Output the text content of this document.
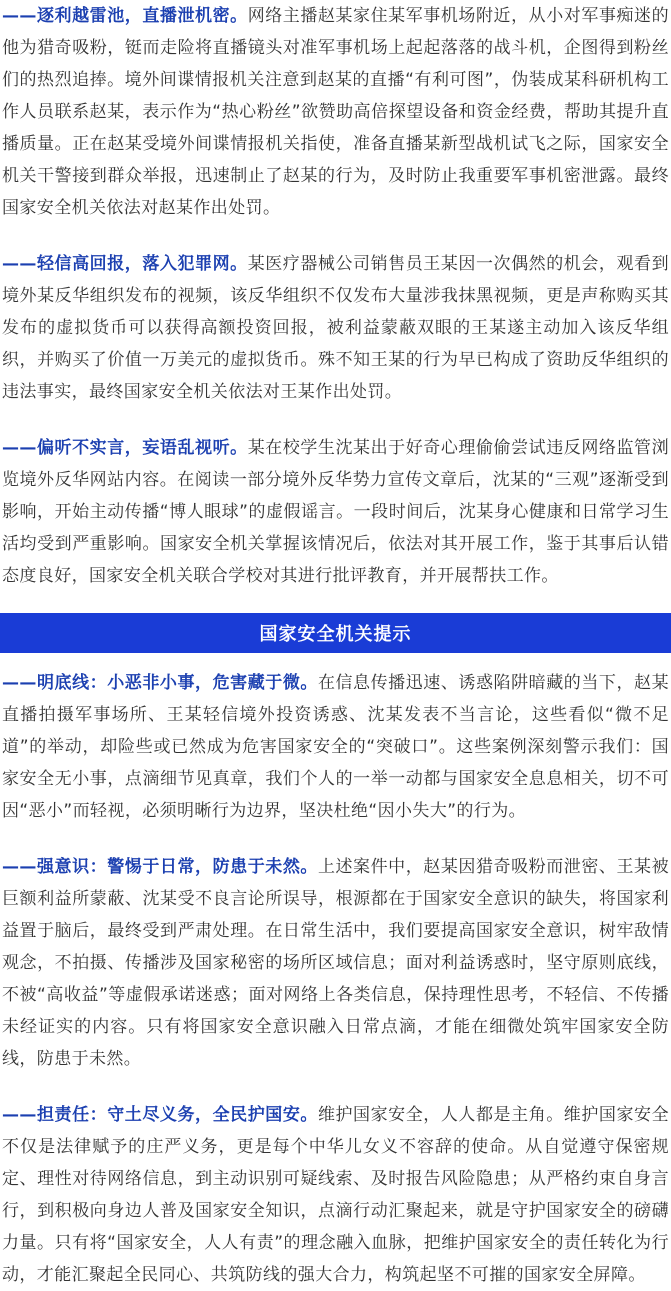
——逐利越雷池，直播泄机密。网络主播赵某家住某军事机场附近，从小对军事痴迷的他为猎奇吸粉，铤而走险将直播镜头对准军事机场上起起落落的战斗机，企图得到粉丝们的热烈追捧。境外间谍情报机关注意到赵某的直播“有利可图”，伪装成某科研机构工作人员联系赵某，表示作为“热心粉丝”欲赞助高倍探望设备和资金经费，帮助其提升直播质量。正在赵某受境外间谍情报机关指使，准备直播某新型战机试飞之际，国家安全机关干警接到群众举报，迅速制止了赵某的行为，及时防止我重要军事机密泄露。最终国家安全机关依法对赵某作出处罚。

——轻信高回报，落入犯罪网。某医疗器械公司销售员王某因一次偶然的机会，观看到境外某反华组织发布的视频，该反华组织不仅发布大量涉我抹黑视频，更是声称购买其发布的虚拟货币可以获得高额投资回报，被利益蒙蔽双眼的王某遂主动加入该反华组织，并购买了价值一万美元的虚拟货币。殊不知王某的行为早已构成了资助反华组织的违法事实，最终国家安全机关依法对王某作出处罚。

——偏听不实言，妄语乱视听。某在校学生沈某出于好奇心理偷偷尝试违反网络监管浏览境外反华网站内容。在阅读一部分境外反华势力宣传文章后，沈某的“三观”逐渐受到影响，开始主动传播“博人眼球”的虚假谣言。一段时间后，沈某身心健康和日常学习生活均受到严重影响。国家安全机关掌握该情况后，依法对其开展工作，鉴于其事后认错态度良好，国家安全机关联合学校对其进行批评教育，并开展帮扶工作。

国家安全机关提示

——明底线：小恶非小事，危害藏于微。在信息传播迅速、诱惑陷阱暗藏的当下，赵某直播拍摄军事场所、王某轻信境外投资诱惑、沈某发表不当言论，这些看似“微不足道”的举动，却险些或已然成为危害国家安全的“突破口”。这些案例深刻警示我们：国家安全无小事，点滴细节见真章，我们个人的一举一动都与国家安全息息相关，切不可因“恶小”而轻视，必须明晰行为边界，坚决杜绝“因小失大”的行为。

——强意识：警惕于日常，防患于未然。上述案件中，赵某因猎奇吸粉而泄密、王某被巨额利益所蒙蔽、沈某受不良言论所误导，根源都在于国家安全意识的缺失，将国家利益置于脑后，最终受到严肃处理。在日常生活中，我们要提高国家安全意识，树牢敌情观念，不拍摄、传播涉及国家秘密的场所区域信息；面对利益诱惑时，坚守原则底线，不被“高收益”等虚假承诺迷惑；面对网络上各类信息，保持理性思考，不轻信、不传播未经证实的内容。只有将国家安全意识融入日常点滴，才能在细微处筑牢国家安全防线，防患于未然。

——担责任：守土尽义务，全民护国安。维护国家安全，人人都是主角。维护国家安全不仅是法律赋予的庄严义务，更是每个中华儿女义不容辞的使命。从自觉遵守保密规定、理性对待网络信息，到主动识别可疑线索、及时报告风险隐患；从严格约束自身言行，到积极向身边人普及国家安全知识，点滴行动汇聚起来，就是守护国家安全的磅礴力量。只有将“国家安全，人人有责”的理念融入血脉，把维护国家安全的责任转化为行动，才能汇聚起全民同心、共筑防线的强大合力，构筑起坚不可摧的国家安全屏障。
